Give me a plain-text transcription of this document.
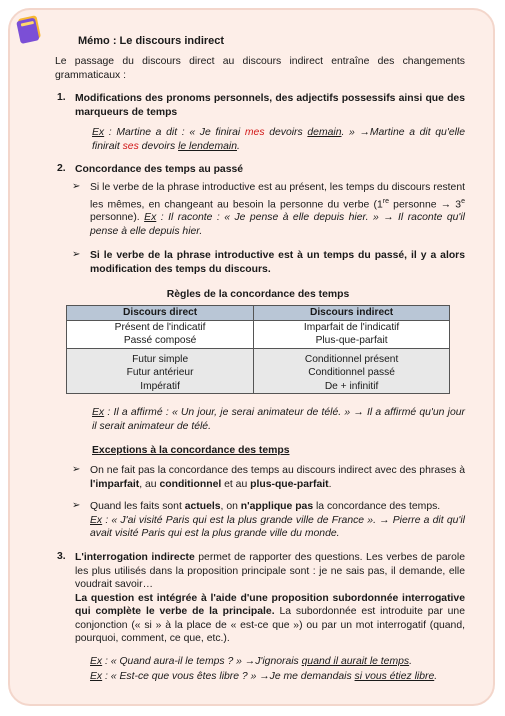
Mémo : Le discours indirect
Le passage du discours direct au discours indirect entraîne des changements grammaticaux :
1. Modifications des pronoms personnels, des adjectifs possessifs ainsi que des marqueurs de temps
Ex : Martine a dit : « Je finirai mes devoirs demain. » →Martine a dit qu'elle finirait ses devoirs le lendemain.
2. Concordance des temps au passé
➢ Si le verbe de la phrase introductive est au présent, les temps du discours restent les mêmes, en changeant au besoin la personne du verbe (1re personne → $3^e$ personne). Ex : Il raconte : « Je pense à elle depuis hier. » → Il raconte qu'il pense à elle depuis hier.
➢ Si le verbe de la phrase introductive est à un temps du passé, il y a alors modification des temps du discours.
Règles de la concordance des temps
Discours direct	Discours indirect
Présent de l'indicatif	Imparfait de l'indicatif
Passé composé	Plus-que-parfait
Futur simple	Conditionnel présent
Futur antérieur	Conditionnel passé
Impératif	De + infinitif
Ex : Il a affirmé : « Un jour, je serai animateur de télé. » → Il a affirmé qu'un jour il serait animateur de télé.
Exceptions à la concordance des temps
➢ On ne fait pas la concordance des temps au discours indirect avec des phrases à l'imparfait, au conditionnel et au plus-que-parfait.
➢ Quand les faits sont actuels, on n'applique pas la concordance des temps.
Ex : « J'ai visité Paris qui est la plus grande ville de France ». → Pierre a dit qu'il avait visité Paris qui est la plus grande ville du monde.
3. L'interrogation indirecte permet de rapporter des questions. Les verbes de parole les plus utilisés dans la proposition principale sont : je ne sais pas, il demande, elle voudrait savoir…
La question est intégrée à l'aide d'une proposition subordonnée interrogative qui complète le verbe de la principale. La subordonnée est introduite par une conjonction (« si » à la place de « est-ce que ») ou par un mot interrogatif (quand, pourquoi, comment, ce que, etc.).
Ex : « Quand aura-il le temps ? » →J'ignorais quand il aurait le temps.
Ex : « Est-ce que vous êtes libre ? » →Je me demandais si vous étiez libre.
